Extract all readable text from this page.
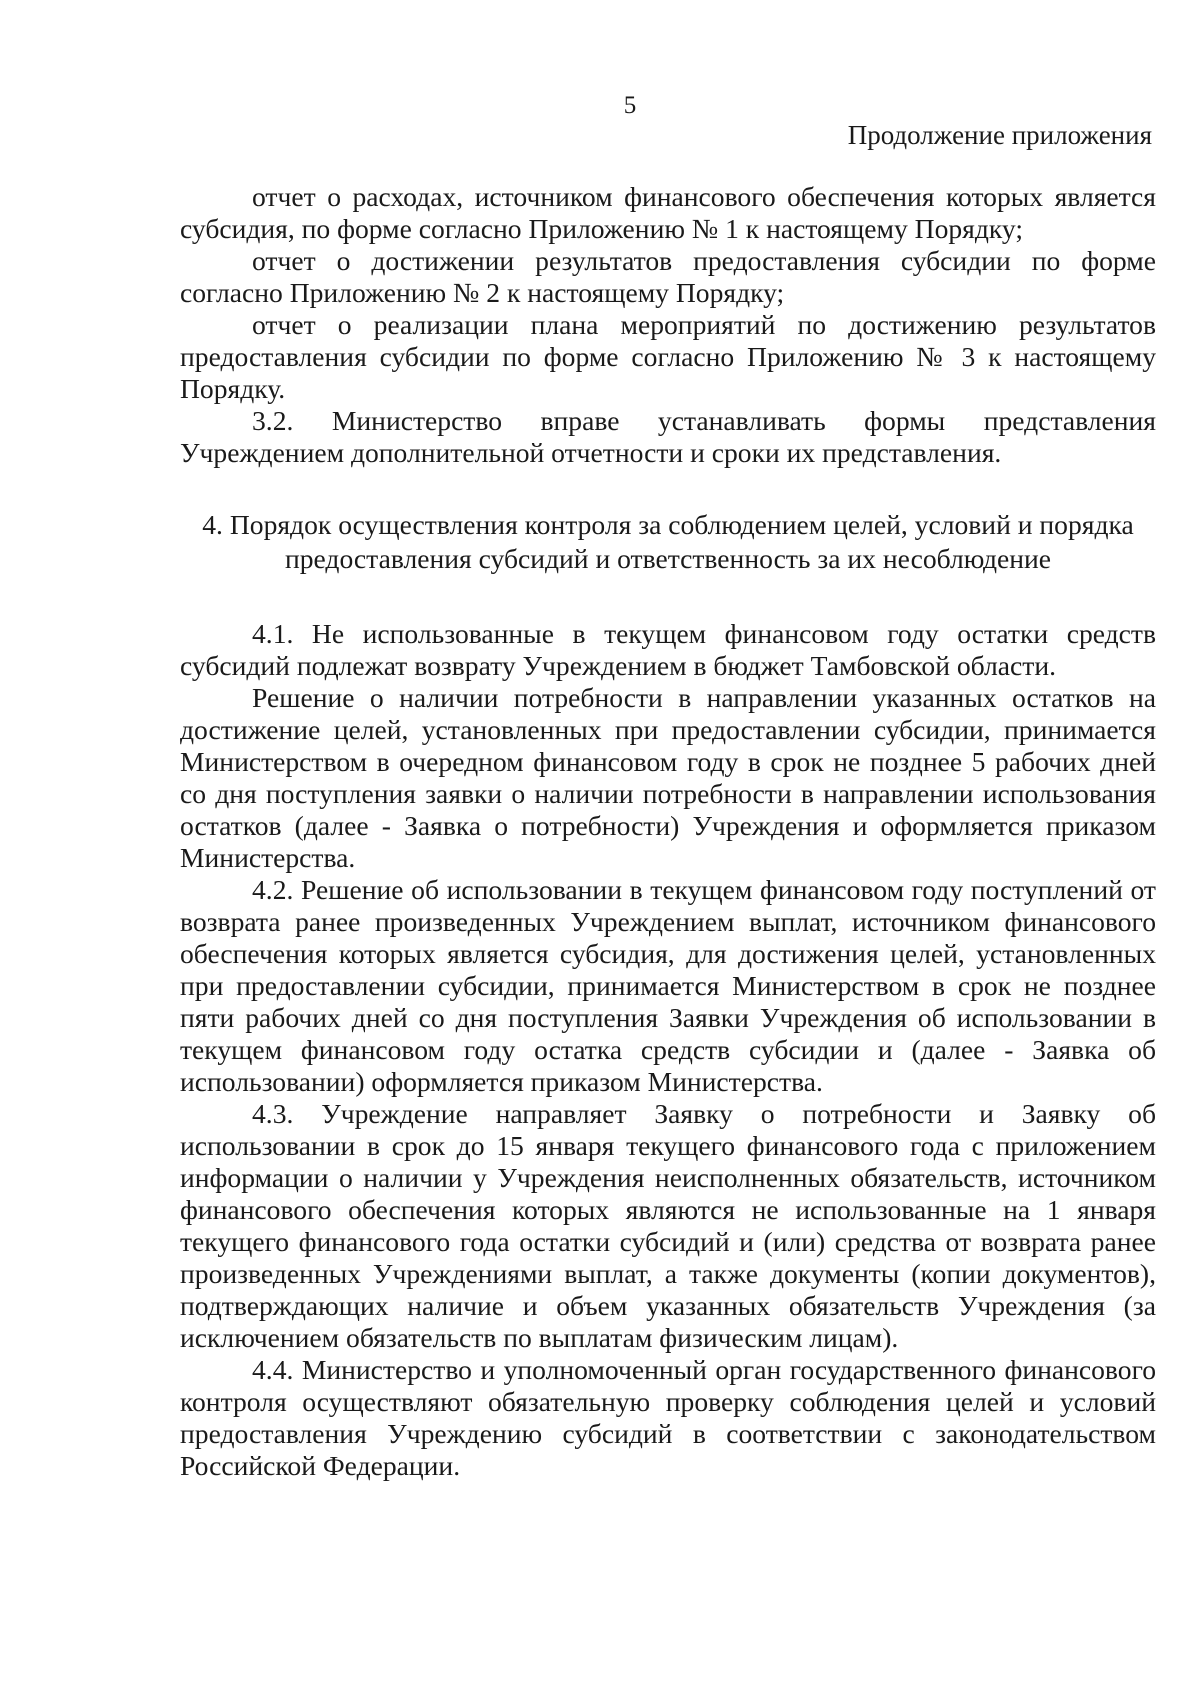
5
Продолжение приложения

отчет о расходах, источником финансового обеспечения которых является субсидия, по форме согласно Приложению № 1 к настоящему Порядку;

отчет о достижении результатов предоставления субсидии по форме согласно Приложению № 2 к настоящему Порядку;

отчет о реализации плана мероприятий по достижению результатов предоставления субсидии по форме согласно Приложению № 3 к настоящему Порядку.

3.2. Министерство вправе устанавливать формы представления Учреждением дополнительной отчетности и сроки их представления.

4. Порядок осуществления контроля за соблюдением целей, условий и порядка
предоставления субсидий и ответственность за их несоблюдение

4.1. Не использованные в текущем финансовом году остатки средств субсидий подлежат возврату Учреждением в бюджет Тамбовской области.

Решение о наличии потребности в направлении указанных остатков на достижение целей, установленных при предоставлении субсидии, принимается Министерством в очередном финансовом году в срок не позднее 5 рабочих дней со дня поступления заявки о наличии потребности в направлении использования остатков (далее - Заявка о потребности) Учреждения и оформляется приказом Министерства.

4.2. Решение об использовании в текущем финансовом году поступлений от возврата ранее произведенных Учреждением выплат, источником финансового обеспечения которых является субсидия, для достижения целей, установленных при предоставлении субсидии, принимается Министерством в срок не позднее пяти рабочих дней со дня поступления Заявки Учреждения об использовании в текущем финансовом году остатка средств субсидии и (далее - Заявка об использовании) оформляется приказом Министерства.

4.3. Учреждение направляет Заявку о потребности и Заявку об использовании в срок до 15 января текущего финансового года с приложением информации о наличии у Учреждения неисполненных обязательств, источником финансового обеспечения которых являются не использованные на 1 января текущего финансового года остатки субсидий и (или) средства от возврата ранее произведенных Учреждениями выплат, а также документы (копии документов), подтверждающих наличие и объем указанных обязательств Учреждения (за исключением обязательств по выплатам физическим лицам).

4.4. Министерство и уполномоченный орган государственного финансового контроля осуществляют обязательную проверку соблюдения целей и условий предоставления Учреждению субсидий в соответствии с законодательством Российской Федерации.
